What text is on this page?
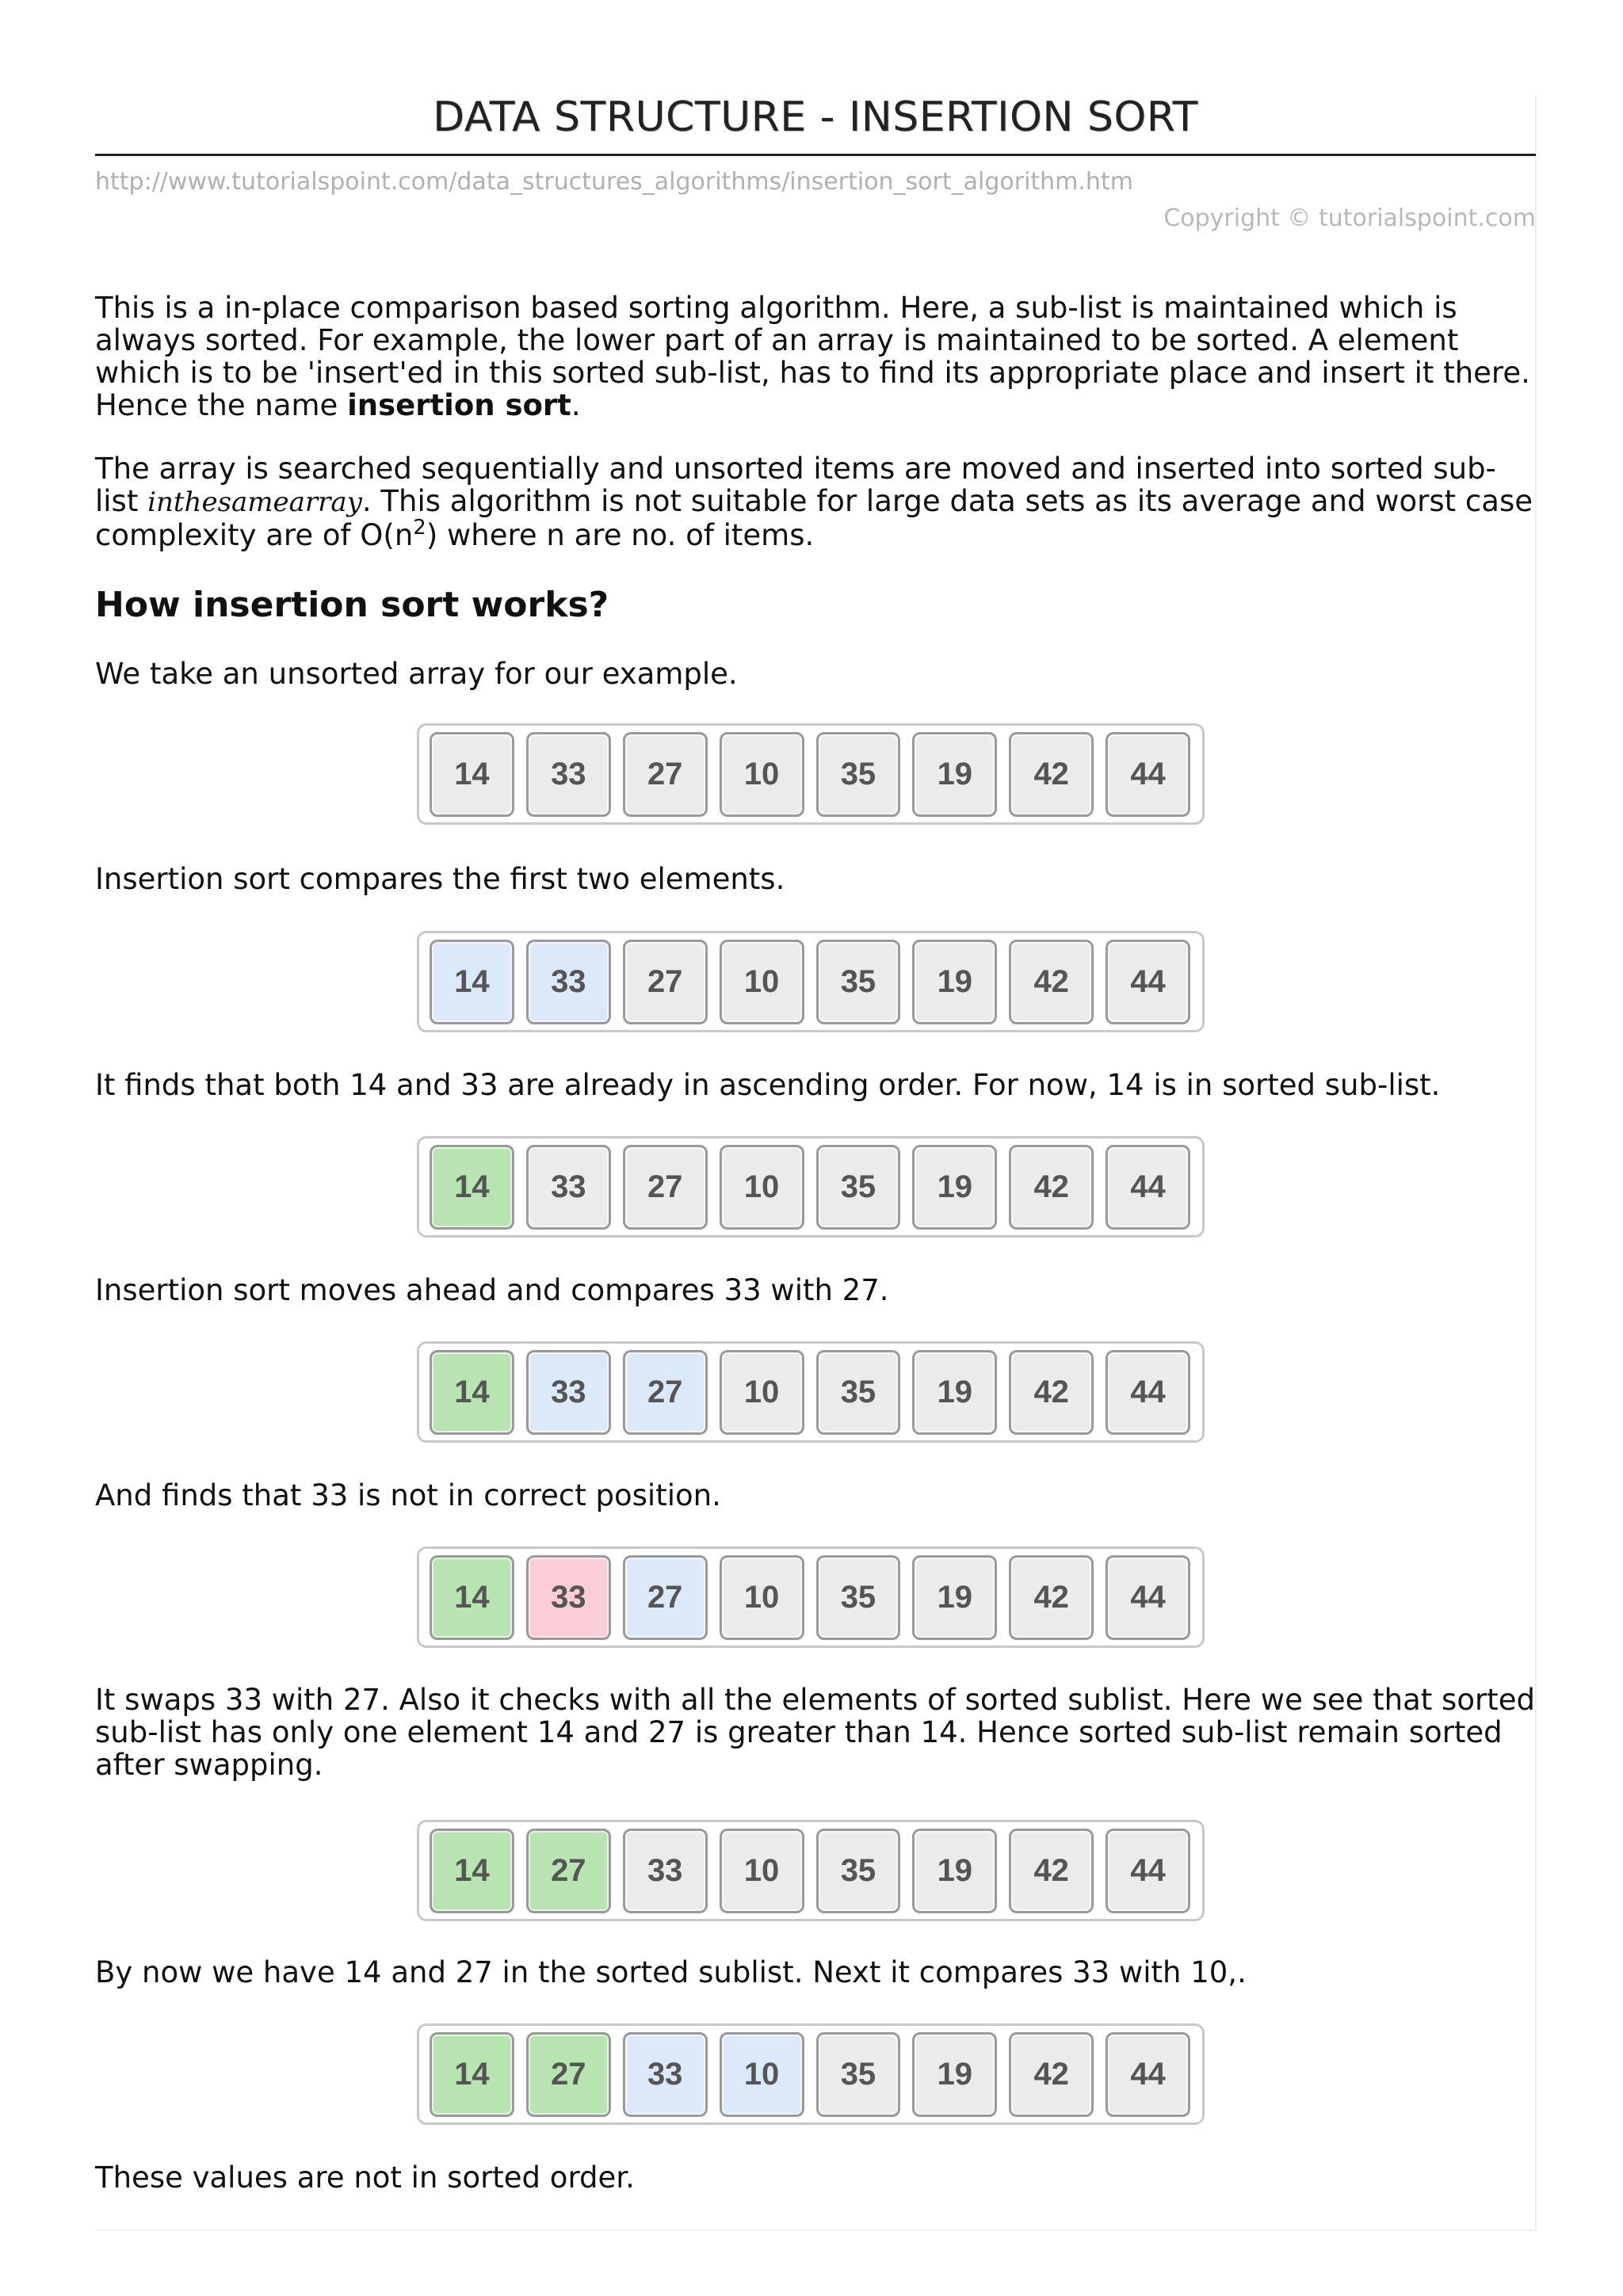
DATA STRUCTURE - INSERTION SORT
http://www.tutorialspoint.com/data_structures_algorithms/insertion_sort_algorithm.htm
Copyright © tutorialspoint.com

This is a in-place comparison based sorting algorithm. Here, a sub-list is maintained which is always sorted. For example, the lower part of an array is maintained to be sorted. A element which is to be 'insert'ed in this sorted sub-list, has to find its appropriate place and insert it there. Hence the name insertion sort.

The array is searched sequentially and unsorted items are moved and inserted into sorted sub-list inthesamearray. This algorithm is not suitable for large data sets as its average and worst case complexity are of $O(n^2)$ where n are no. of items.

How insertion sort works?

We take an unsorted array for our example.

14	33	27	10	35	19	42	44

Insertion sort compares the first two elements.

14	33	27	10	35	19	42	44

It finds that both 14 and 33 are already in ascending order. For now, 14 is in sorted sub-list.

14	33	27	10	35	19	42	44

Insertion sort moves ahead and compares 33 with 27.

14	33	27	10	35	19	42	44

And finds that 33 is not in correct position.

14	33	27	10	35	19	42	44

It swaps 33 with 27. Also it checks with all the elements of sorted sublist. Here we see that sorted sub-list has only one element 14 and 27 is greater than 14. Hence sorted sub-list remain sorted after swapping.

14	27	33	10	35	19	42	44

By now we have 14 and 27 in the sorted sublist. Next it compares 33 with 10,.

14	27	33	10	35	19	42	44

These values are not in sorted order.
